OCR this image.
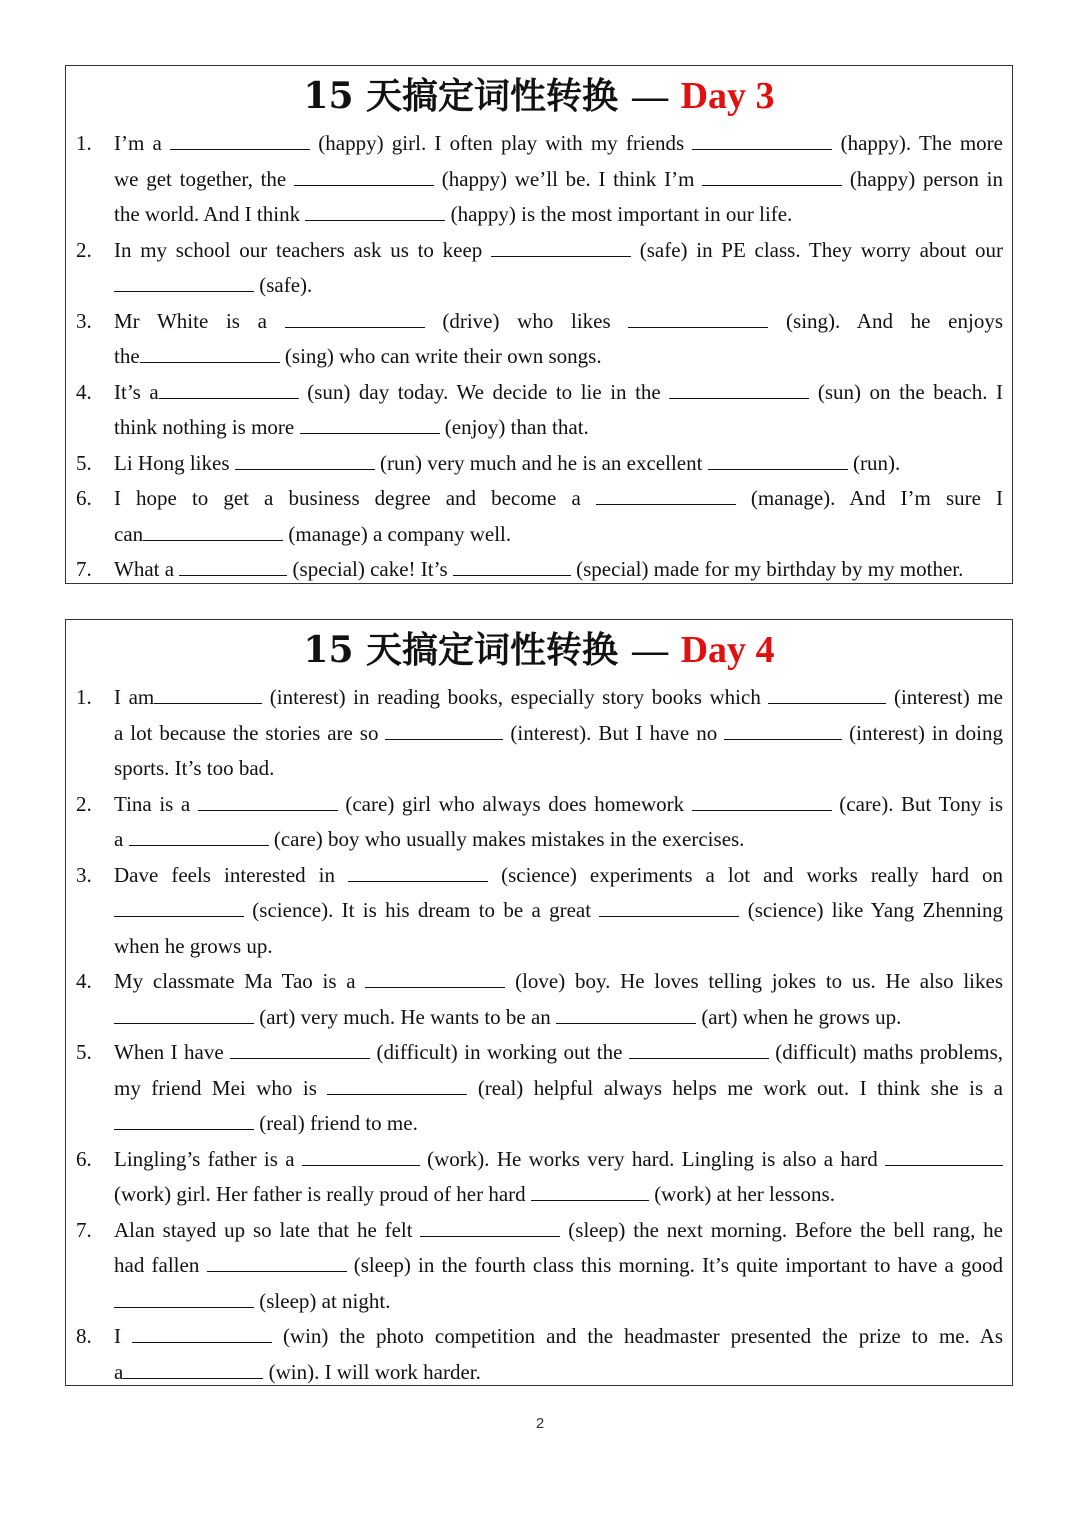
15 天搞定词性转换 — Day 3
1. I’m a	(happy) girl. I often play with my friends	(happy). The more
we get together, the	(happy) we’ll be. I think I’m	(happy) person in
the world. And I think	(happy) is the most important in our life.
2. In my school our teachers ask us to keep	(safe) in PE class. They worry about our
(safe).
3. Mr White is a	(drive) who likes	(sing). And he enjoys
the	(sing) who can write their own songs.
4. It’s a	(sun) day today. We decide to lie in the	(sun) on the beach. I
think nothing is more	(enjoy) than that.
5. Li Hong likes	(run) very much and he is an excellent	(run).
6. I hope to get a business degree and become a	(manage). And I’m sure I
can	(manage) a company well.
7. What a	(special) cake! It’s	(special) made for my birthday by my mother.
15 天搞定词性转换 — Day 4
1. I am	(interest) in reading books, especially story books which	(interest) me
a lot because the stories are so	(interest). But I have no	(interest) in doing
sports. It’s too bad.
2. Tina is a	(care) girl who always does homework	(care). But Tony is
a	(care) boy who usually makes mistakes in the exercises.
3. Dave feels interested in	(science) experiments a lot and works really hard on
(science). It is his dream to be a great	(science) like Yang Zhenning
when he grows up.
4. My classmate Ma Tao is a	(love) boy. He loves telling jokes to us. He also likes
(art) very much. He wants to be an	(art) when he grows up.
5. When I have	(difficult) in working out the	(difficult) maths problems,
my friend Mei who is	(real) helpful always helps me work out. I think she is a
(real) friend to me.
6. Lingling’s father is a	(work). He works very hard. Lingling is also a hard
(work) girl. Her father is really proud of her hard	(work) at her lessons.
7. Alan stayed up so late that he felt	(sleep) the next morning. Before the bell rang, he
had fallen	(sleep) in the fourth class this morning. It’s quite important to have a good
(sleep) at night.
8. I	(win) the photo competition and the headmaster presented the prize to me. As
a	(win). I will work harder.
2
